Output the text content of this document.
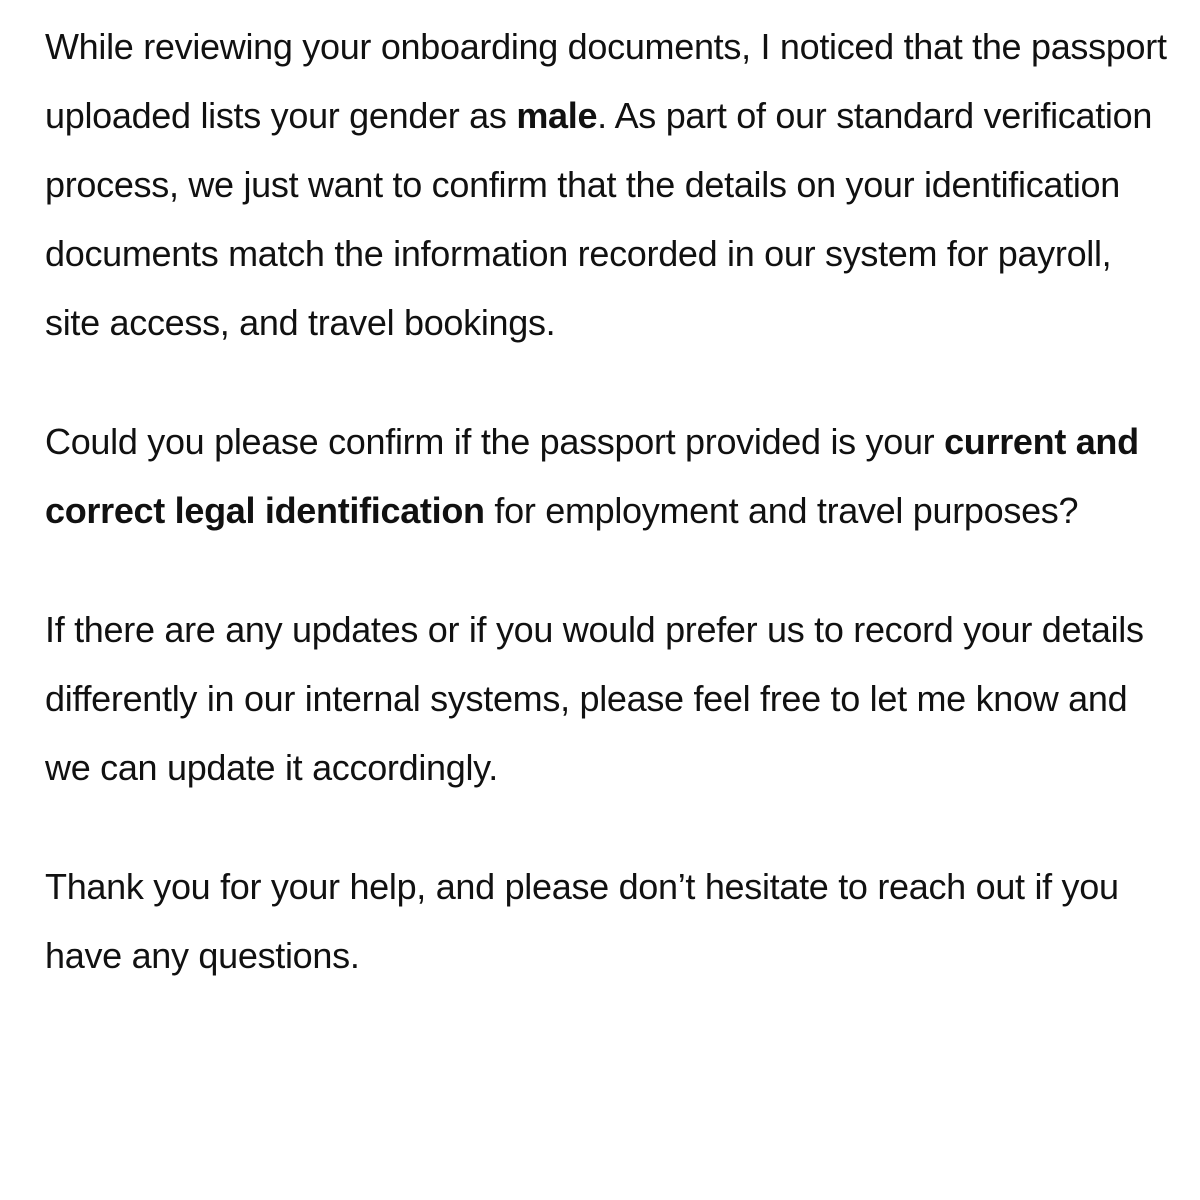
While reviewing your onboarding documents, I noticed that the passport uploaded lists your gender as male. As part of our standard verification process, we just want to confirm that the details on your identification documents match the information recorded in our system for payroll, site access, and travel bookings.

Could you please confirm if the passport provided is your current and correct legal identification for employment and travel purposes?

If there are any updates or if you would prefer us to record your details differently in our internal systems, please feel free to let me know and we can update it accordingly.

Thank you for your help, and please don’t hesitate to reach out if you have any questions.
